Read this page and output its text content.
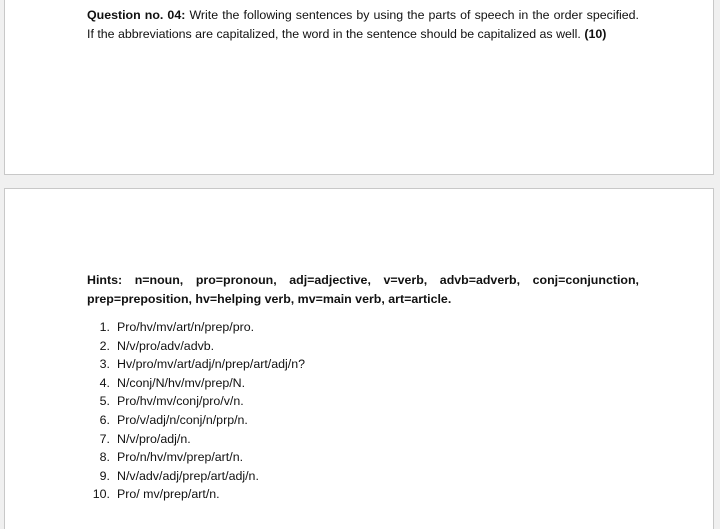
Question no. 04: Write the following sentences by using the parts of speech in the order specified. If the abbreviations are capitalized, the word in the sentence should be capitalized as well. (10)
Hints: n=noun, pro=pronoun, adj=adjective, v=verb, advb=adverb, conj=conjunction, prep=preposition, hv=helping verb, mv=main verb, art=article.
1. Pro/hv/mv/art/n/prep/pro.
2. N/v/pro/adv/advb.
3. Hv/pro/mv/art/adj/n/prep/art/adj/n?
4. N/conj/N/hv/mv/prep/N.
5. Pro/hv/mv/conj/pro/v/n.
6. Pro/v/adj/n/conj/n/prp/n.
7. N/v/pro/adj/n.
8. Pro/n/hv/mv/prep/art/n.
9. N/v/adv/adj/prep/art/adj/n.
10. Pro/ mv/prep/art/n.
